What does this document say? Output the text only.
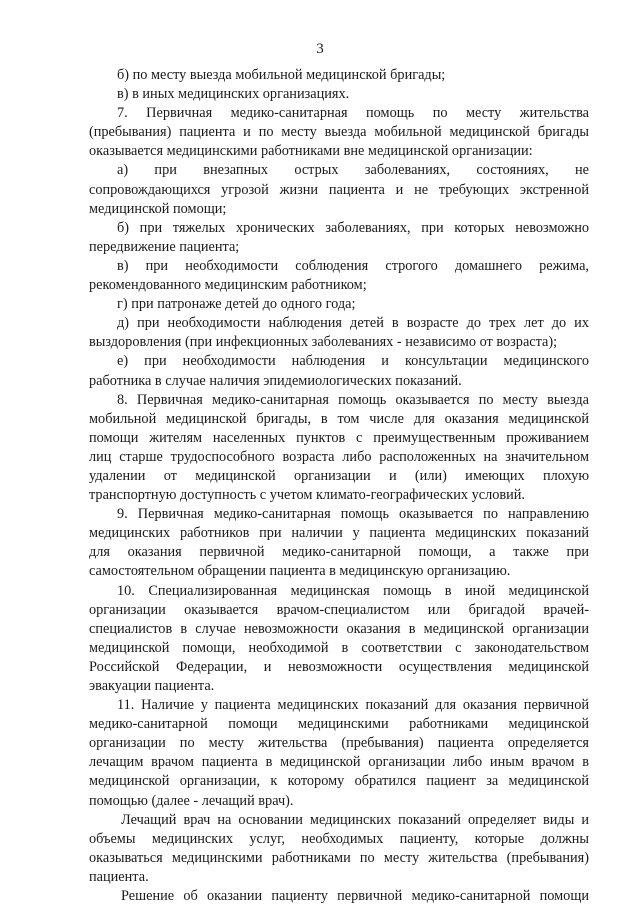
3
б) по месту выезда мобильной медицинской бригады;
в) в иных медицинских организациях.
7. Первичная медико-санитарная помощь по месту жительства
(пребывания) пациента и по месту выезда мобильной медицинской бригады
оказывается медицинскими работниками вне медицинской организации:
а) при внезапных острых заболеваниях, состояниях, не
сопровождающихся угрозой жизни пациента и не требующих экстренной
медицинской помощи;
б) при тяжелых хронических заболеваниях, при которых невозможно
передвижение пациента;
в) при необходимости соблюдения строгого домашнего режима,
рекомендованного медицинским работником;
г) при патронаже детей до одного года;
д) при необходимости наблюдения детей в возрасте до трех лет до их
выздоровления (при инфекционных заболеваниях - независимо от возраста);
е) при необходимости наблюдения и консультации медицинского
работника в случае наличия эпидемиологических показаний.
8. Первичная медико-санитарная помощь оказывается по месту выезда
мобильной медицинской бригады, в том числе для оказания медицинской
помощи жителям населенных пунктов с преимущественным проживанием
лиц старше трудоспособного возраста либо расположенных на значительном
удалении от медицинской организации и (или) имеющих плохую
транспортную доступность с учетом климато-географических условий.
9. Первичная медико-санитарная помощь оказывается по направлению
медицинских работников при наличии у пациента медицинских показаний
для оказания первичной медико-санитарной помощи, а также при
самостоятельном обращении пациента в медицинскую организацию.
10. Специализированная медицинская помощь в иной медицинской
организации оказывается врачом-специалистом или бригадой врачей-
специалистов в случае невозможности оказания в медицинской организации
медицинской помощи, необходимой в соответствии с законодательством
Российской Федерации, и невозможности осуществления медицинской
эвакуации пациента.
11. Наличие у пациента медицинских показаний для оказания первичной
медико-санитарной помощи медицинскими работниками медицинской
организации по месту жительства (пребывания) пациента определяется
лечащим врачом пациента в медицинской организации либо иным врачом в
медицинской организации, к которому обратился пациент за медицинской
помощью (далее - лечащий врач).
Лечащий врач на основании медицинских показаний определяет виды и
объемы медицинских услуг, необходимых пациенту, которые должны
оказываться медицинскими работниками по месту жительства (пребывания)
пациента.
Решение об оказании пациенту первичной медико-санитарной помощи
